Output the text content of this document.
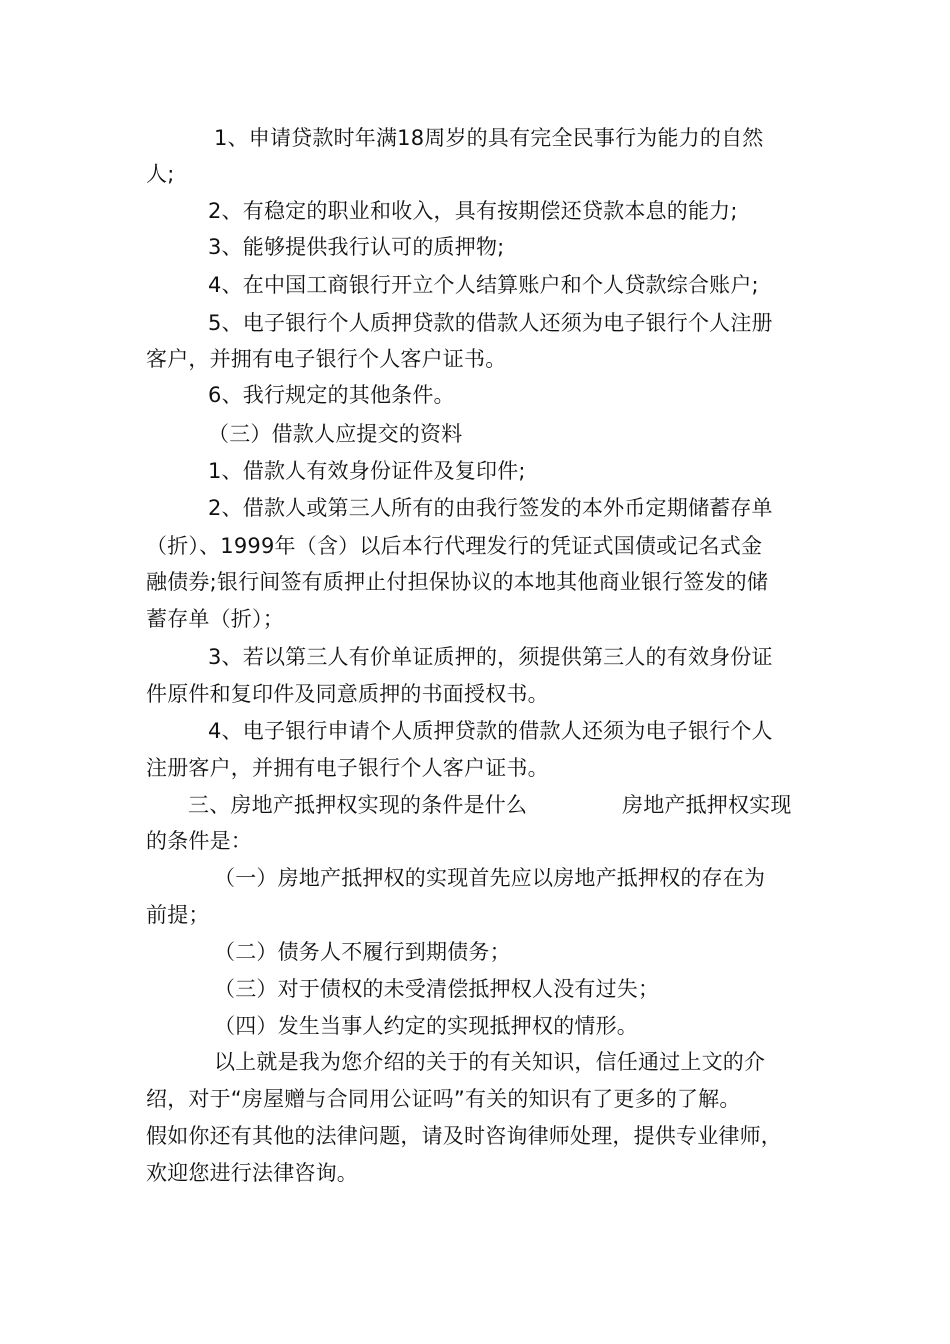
1、申请贷款时年满18周岁的具有完全民事行为能力的自然
人;
2、有稳定的职业和收入，具有按期偿还贷款本息的能力;
3、能够提供我行认可的质押物;
4、在中国工商银行开立个人结算账户和个人贷款综合账户;
5、电子银行个人质押贷款的借款人还须为电子银行个人注册
客户，并拥有电子银行个人客户证书。
6、我行规定的其他条件。
（三）借款人应提交的资料
1、借款人有效身份证件及复印件;
2、借款人或第三人所有的由我行签发的本外币定期储蓄存单
（折）、1999年（含）以后本行代理发行的凭证式国债或记名式金
融债券;银行间签有质押止付担保协议的本地其他商业银行签发的储
蓄存单（折）；
3、若以第三人有价单证质押的，须提供第三人的有效身份证
件原件和复印件及同意质押的书面授权书。
4、电子银行申请个人质押贷款的借款人还须为电子银行个人
注册客户，并拥有电子银行个人客户证书。
三、房地产抵押权实现的条件是什么	房地产抵押权实现
的条件是：
（一）房地产抵押权的实现首先应以房地产抵押权的存在为
前提；
（二）债务人不履行到期债务；
（三）对于债权的未受清偿抵押权人没有过失；
（四）发生当事人约定的实现抵押权的情形。
以上就是我为您介绍的关于的有关知识，信任通过上文的介
绍，对于“房屋赠与合同用公证吗”有关的知识有了更多的了解。
假如你还有其他的法律问题，请及时咨询律师处理，提供专业律师，
欢迎您进行法律咨询。
